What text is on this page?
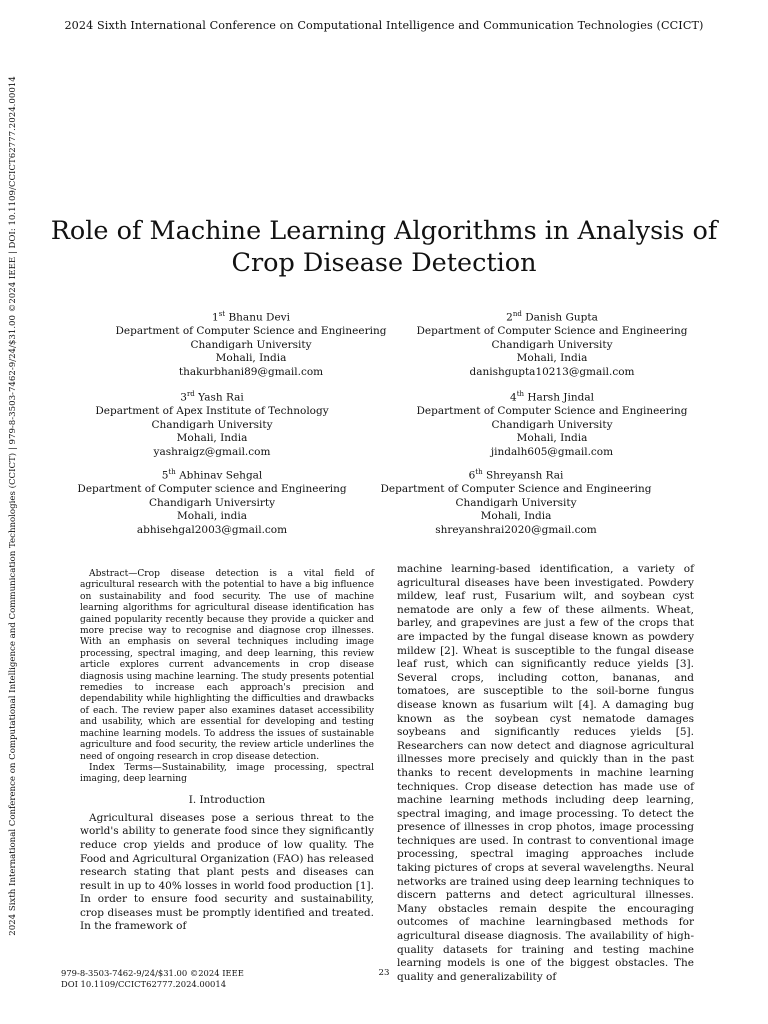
2024 Sixth International Conference on Computational Intelligence and Communication Technologies (CCICT)
2024 Sixth International Conference on Computational Intelligence and Communication Technologies (CCICT) | 979-8-3503-7462-9/24/$31.00 ©2024 IEEE | DOI: 10.1109/CCICT62777.2024.00014	Role of Machine Learning Algorithms in Analysis of Crop Disease Detection
1st Bhanu Devi
Department of Computer Science and Engineering
Chandigarh University
Mohali, India
thakurbhani89@gmail.com
2nd Danish Gupta
Department of Computer Science and Engineering
Chandigarh University
Mohali, India
danishgupta10213@gmail.com
3rd Yash Rai
Department of Apex Institute of Technology
Chandigarh University
Mohali, India
yashraigz@gmail.com
4th Harsh Jindal
Department of Computer Science and Engineering
Chandigarh University
Mohali, India
jindalh605@gmail.com
5th Abhinav Sehgal
Department of Computer science and Engineering
Chandigarh Universirty
Mohali, india
abhisehgal2003@gmail.com
6th Shreyansh Rai
Department of Computer Science and Engineering
Chandigarh University
Mohali, India
shreyanshrai2020@gmail.com

Abstract—Crop disease detection is a vital field of agricultural research with the potential to have a big influence on sustainability and food security. The use of machine learning algorithms for agricultural disease identification has gained popularity recently because they provide a quicker and more precise way to recognise and diagnose crop illnesses. With an emphasis on several techniques including image processing, spectral imaging, and deep learning, this review article explores current advancements in crop disease diagnosis using machine learning. The study presents potential remedies to increase each approach's precision and dependability while highlighting the difficulties and drawbacks of each. The review paper also examines dataset accessibility and usability, which are essential for developing and testing machine learning models. To address the issues of sustainable agriculture and food security, the review article underlines the need of ongoing research in crop disease detection.

Index Terms—Sustainability, image processing, spectral imaging, deep learning

I. Introduction

Agricultural diseases pose a serious threat to the world's ability to generate food since they significantly reduce crop yields and produce of low quality. The Food and Agricultural Organization (FAO) has released research stating that plant pests and diseases can result in up to 40% losses in world food production [1]. In order to ensure food security and sustainability, crop diseases must be promptly identified and treated. In the framework of

machine learning-based identification, a variety of agricultural diseases have been investigated. Powdery mildew, leaf rust, Fusarium wilt, and soybean cyst nematode are only a few of these ailments. Wheat, barley, and grapevines are just a few of the crops that are impacted by the fungal disease known as powdery mildew [2]. Wheat is susceptible to the fungal disease leaf rust, which can significantly reduce yields [3]. Several crops, including cotton, bananas, and tomatoes, are susceptible to the soil-borne fungus disease known as fusarium wilt [4]. A damaging bug known as the soybean cyst nematode damages soybeans and significantly reduces yields [5]. Researchers can now detect and diagnose agricultural illnesses more precisely and quickly than in the past thanks to recent developments in machine learning techniques. Crop disease detection has made use of machine learning methods including deep learning, spectral imaging, and image processing. To detect the presence of illnesses in crop photos, image processing techniques are used. In contrast to conventional image processing, spectral imaging approaches include taking pictures of crops at several wavelengths. Neural networks are trained using deep learning techniques to discern patterns and detect agricultural illnesses. Many obstacles remain despite the encouraging outcomes of machine learningbased methods for agricultural disease diagnosis. The availability of high-quality datasets for training and testing machine learning models is one of the biggest obstacles. The quality and generalizability of

979-8-3503-7462-9/24/$31.00 ©2024 IEEE
DOI 10.1109/CCICT62777.2024.00014
23
